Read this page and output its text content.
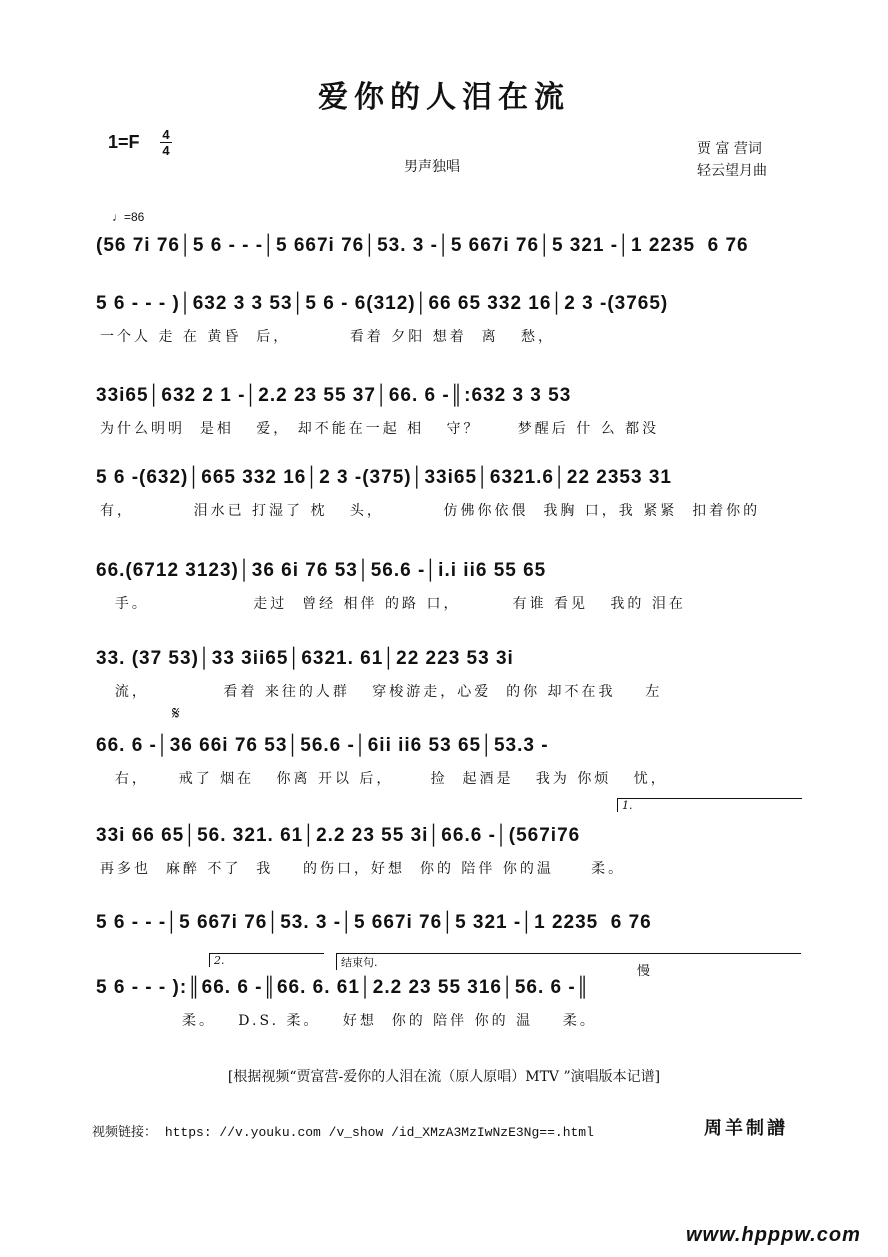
爱你的人泪在流
1=F 4
4
男声独唱
贾 富 营词
轻云望月曲
♩=86
(56 7i 76│5 6 - - -│5 667i 76│53. 3 -│5 667i 76│5 321 -│1 2235  6 76
5 6 - - - )│632 3 3 53│5 6 - 6(312)│66 65 332 16│2 3 -(3765)
一个人 走 在 黄昏  后，        看着 夕阳 想着  离   愁，
33i65│632 2 1 -│2.2 23 55 37│66. 6 -║:632 3 3 53
为什么明明  是相   爱， 却不能在一起 相   守？     梦醒后 什 么 都没
5 6 -(632)│665 332 16│2 3 -(375)│33i65│6321.6│22 2353 31
有，        泪水已 打湿了 枕   头，        仿佛你依偎  我胸 口，我 紧紧  扣着你的
66.(6712 3123)│36 6i 76 53│56.6 -│i.i ii6 55 65
手。              走过  曾经 相伴 的路 口，       有谁 看见   我的 泪在
33. (37 53)│33 3ii65│6321. 61│22 223 53 3i
流，          看着 来往的人群   穿梭游走，心爱  的你 却不在我    左
66. 6 -│36 66i 76 53│56.6 -│6ii ii6 53 65│53.3 -
右，    戒了 烟在   你离 开以 后，     捡  起酒是   我为 你烦   忧，
33i 66 65│56. 321. 61│2.2 23 55 3i│66.6 -│(567i76
再多也  麻醉 不了  我    的伤口，好想  你的 陪伴 你的温     柔。
5 6 - - -│5 667i 76│53. 3 -│5 667i 76│5 321 -│1 2235  6 76
5 6 - - - ):║66. 6 -║66. 6. 61│2.2 23 55 316│56. 6 -║
柔。   D.S. 柔。   好想  你的 陪伴 你的 温    柔。
𝄋
1.
2.	结束句.
慢
[根据视频“贾富营-爱你的人泪在流（原人原唱）MTV ”演唱版本记谱]
视频链接： https: //v.youku.com /v_show /id_XMzA3MzIwNzE3Ng==.html	周羊制譜
www.hpppw.com
